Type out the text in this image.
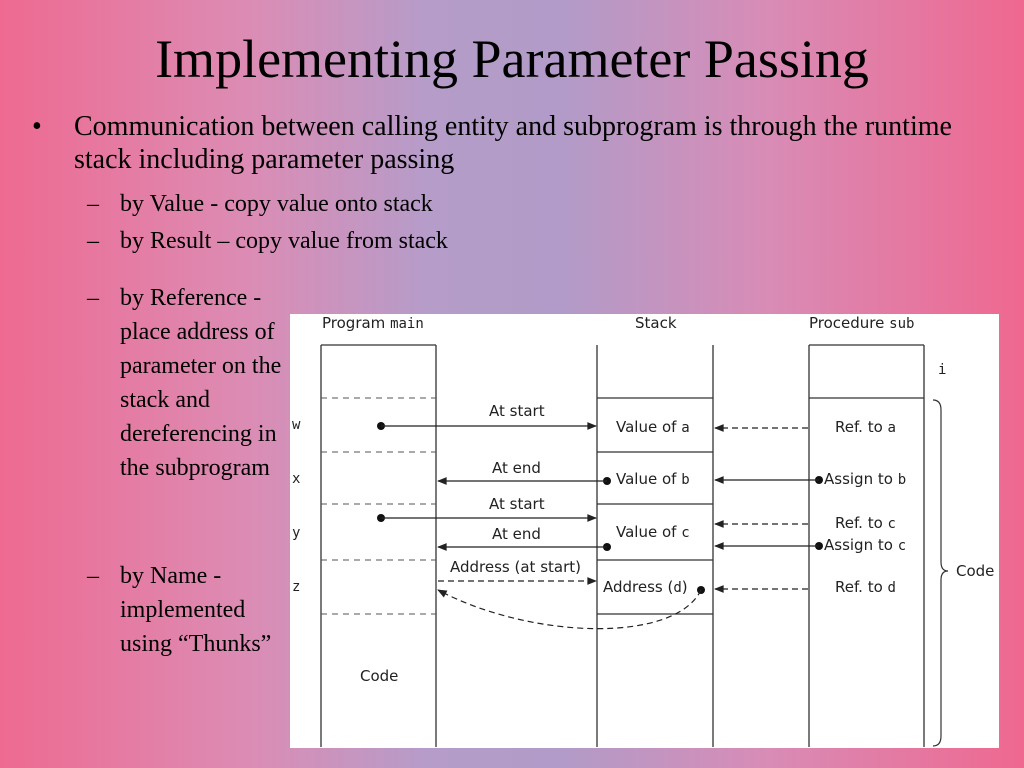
Implementing Parameter Passing
• Communication between calling entity and subprogram is through the runtime stack including parameter passing
– by Value - copy value onto stack
– by Result – copy value from stack
– by Reference - place address of parameter on the stack and dereferencing in the subprogram
– by Name - implemented using “Thunks”
Program main	Stack	Procedure sub
w
x
y
z
Code
Value of a
Value of b
Value of c
Address (d)
i
Ref. to a
Assign to b
Ref. to c
Assign to c
Ref. to d
Code
At start
At end
At start
At end
Address (at start)
